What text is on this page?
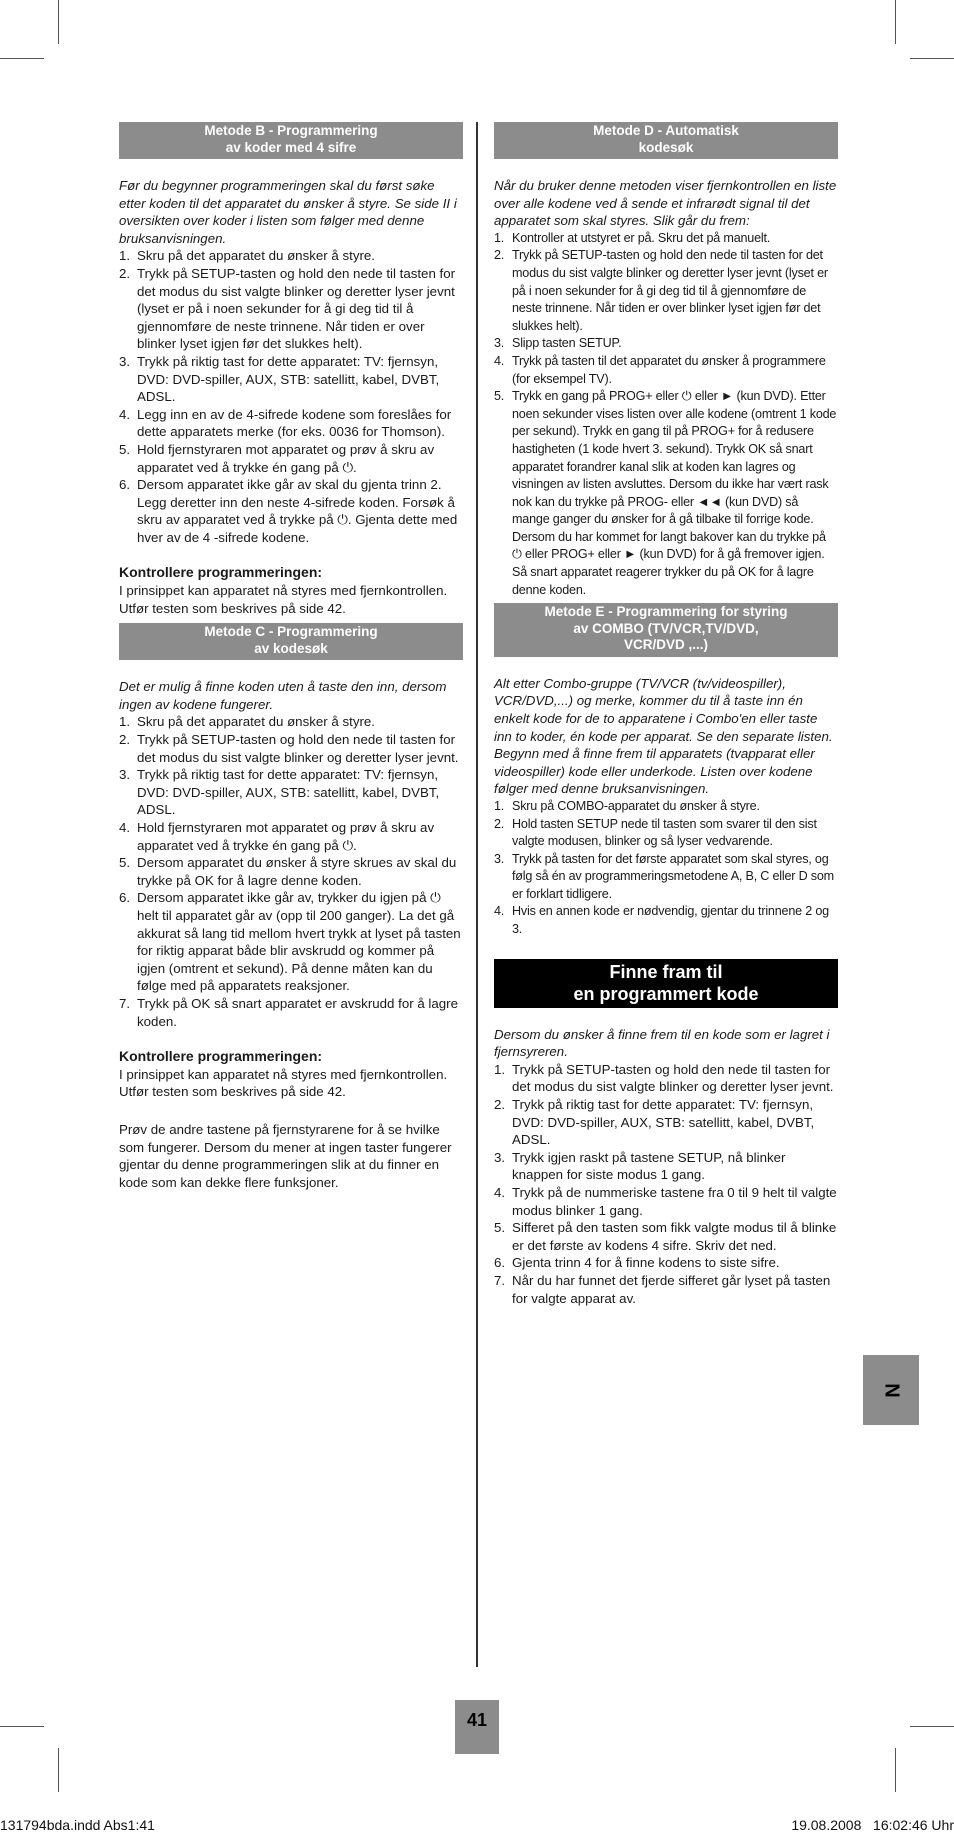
Metode B - Programmering
av koder med 4 sifre

Før du begynner programmeringen skal du først søke etter koden til det apparatet du ønsker å styre. Se side II i oversikten over koder i listen som følger med denne bruksanvisningen.

1. Skru på det apparatet du ønsker å styre.
2. Trykk på SETUP-tasten og hold den nede til tasten for det modus du sist valgte blinker og deretter lyser jevnt (lyset er på i noen sekunder for å gi deg tid til å gjennomføre de neste trinnene. Når tiden er over blinker lyset igjen før det slukkes helt).
3. Trykk på riktig tast for dette apparatet: TV: fjernsyn, DVD: DVD-spiller, AUX, STB: satellitt, kabel, DVBT, ADSL.
4. Legg inn en av de 4-sifrede kodene som foreslåes for dette apparatets merke (for eks. 0036 for Thomson).
5. Hold fjernstyraren mot apparatet og prøv å skru av apparatet ved å trykke én gang på ⏻.
6. Dersom apparatet ikke går av skal du gjenta trinn 2. Legg deretter inn den neste 4-sifrede koden. Forsøk å skru av apparatet ved å trykke på ⏻. Gjenta dette med hver av de 4 -sifrede kodene.
Kontrollere programmeringen:

I prinsippet kan apparatet nå styres med fjernkontrollen.

Utfør testen som beskrives på side 42.

Metode C - Programmering
av kodesøk

Det er mulig å finne koden uten å taste den inn, dersom ingen av kodene fungerer.

1. Skru på det apparatet du ønsker å styre.
2. Trykk på SETUP-tasten og hold den nede til tasten for det modus du sist valgte blinker og deretter lyser jevnt.
3. Trykk på riktig tast for dette apparatet: TV: fjernsyn, DVD: DVD-spiller, AUX, STB: satellitt, kabel, DVBT, ADSL.
4. Hold fjernstyraren mot apparatet og prøv å skru av apparatet ved å trykke én gang på ⏻.
5. Dersom apparatet du ønsker å styre skrues av skal du trykke på OK for å lagre denne koden.
6. Dersom apparatet ikke går av, trykker du igjen på ⏻ helt til apparatet går av (opp til 200 ganger). La det gå akkurat så lang tid mellom hvert trykk at lyset på tasten for riktig apparat både blir avskrudd og kommer på igjen (omtrent et sekund). På denne måten kan du følge med på apparatets reaksjoner.
7. Trykk på OK så snart apparatet er avskrudd for å lagre koden.
Kontrollere programmeringen:

I prinsippet kan apparatet nå styres med fjernkontrollen.

Utfør testen som beskrives på side 42.

Prøv de andre tastene på fjernstyrarene for å se hvilke som fungerer. Dersom du mener at ingen taster fungerer gjentar du denne programmeringen slik at du finner en kode som kan dekke flere funksjoner.

Metode D - Automatisk
kodesøk

Når du bruker denne metoden viser fjernkontrollen en liste over alle kodene ved å sende et infrarødt signal til det apparatet som skal styres. Slik går du frem:

1. Kontroller at utstyret er på. Skru det på manuelt.
2. Trykk på SETUP-tasten og hold den nede til tasten for det modus du sist valgte blinker og deretter lyser jevnt (lyset er på i noen sekunder for å gi deg tid til å gjennomføre de neste trinnene. Når tiden er over blinker lyset igjen før det slukkes helt).
3. Slipp tasten SETUP.
4. Trykk på tasten til det apparatet du ønsker å programmere (for eksempel TV).
5. Trykk en gang på PROG+ eller ⏻ eller ► (kun DVD). Etter noen sekunder vises listen over alle kodene (omtrent 1 kode per sekund). Trykk en gang til på PROG+ for å redusere hastigheten (1 kode hvert 3. sekund). Trykk OK så snart apparatet forandrer kanal slik at koden kan lagres og visningen av listen avsluttes. Dersom du ikke har vært rask nok kan du trykke på PROG- eller ◄◄ (kun DVD) så mange ganger du ønsker for å gå tilbake til forrige kode. Dersom du har kommet for langt bakover kan du trykke på ⏻ eller PROG+ eller ► (kun DVD) for å gå fremover igjen. Så snart apparatet reagerer trykker du på OK for å lagre denne koden.
Metode E - Programmering for styring
av COMBO (TV/VCR,TV/DVD,
VCR/DVD ,...)

Alt etter Combo-gruppe (TV/VCR (tv/videospiller), VCR/DVD,...) og merke, kommer du til å taste inn én enkelt kode for de to apparatene i Combo'en eller taste inn to koder, én kode per apparat. Se den separate listen.

Begynn med å finne frem til apparatets (tvapparat eller videospiller) kode eller underkode. Listen over kodene følger med denne bruksanvisningen.

1. Skru på COMBO-apparatet du ønsker å styre.
2. Hold tasten SETUP nede til tasten som svarer til den sist valgte modusen, blinker og så lyser vedvarende.
3. Trykk på tasten for det første apparatet som skal styres, og følg så én av programmeringsmetodene A, B, C eller D som er forklart tidligere.
4. Hvis en annen kode er nødvendig, gjentar du trinnene 2 og 3.
Finne fram til
en programmert kode

Dersom du ønsker å finne frem til en kode som er lagret i fjernsyreren.

1. Trykk på SETUP-tasten og hold den nede til tasten for det modus du sist valgte blinker og deretter lyser jevnt.
2. Trykk på riktig tast for dette apparatet: TV: fjernsyn, DVD: DVD-spiller, AUX, STB: satellitt, kabel, DVBT, ADSL.
3. Trykk igjen raskt på tastene SETUP, nå blinker knappen for siste modus 1 gang.
4. Trykk på de nummeriske tastene fra 0 til 9 helt til valgte modus blinker 1 gang.
5. Sifferet på den tasten som fikk valgte modus til å blinke er det første av kodens 4 sifre. Skriv det ned.
6. Gjenta trinn 4 for å finne kodens to siste sifre.
7. Når du har funnet det fjerde sifferet går lyset på tasten for valgte apparat av.
N
41
131794bda.indd Abs1:41	19.08.2008   16:02:46 Uhr
